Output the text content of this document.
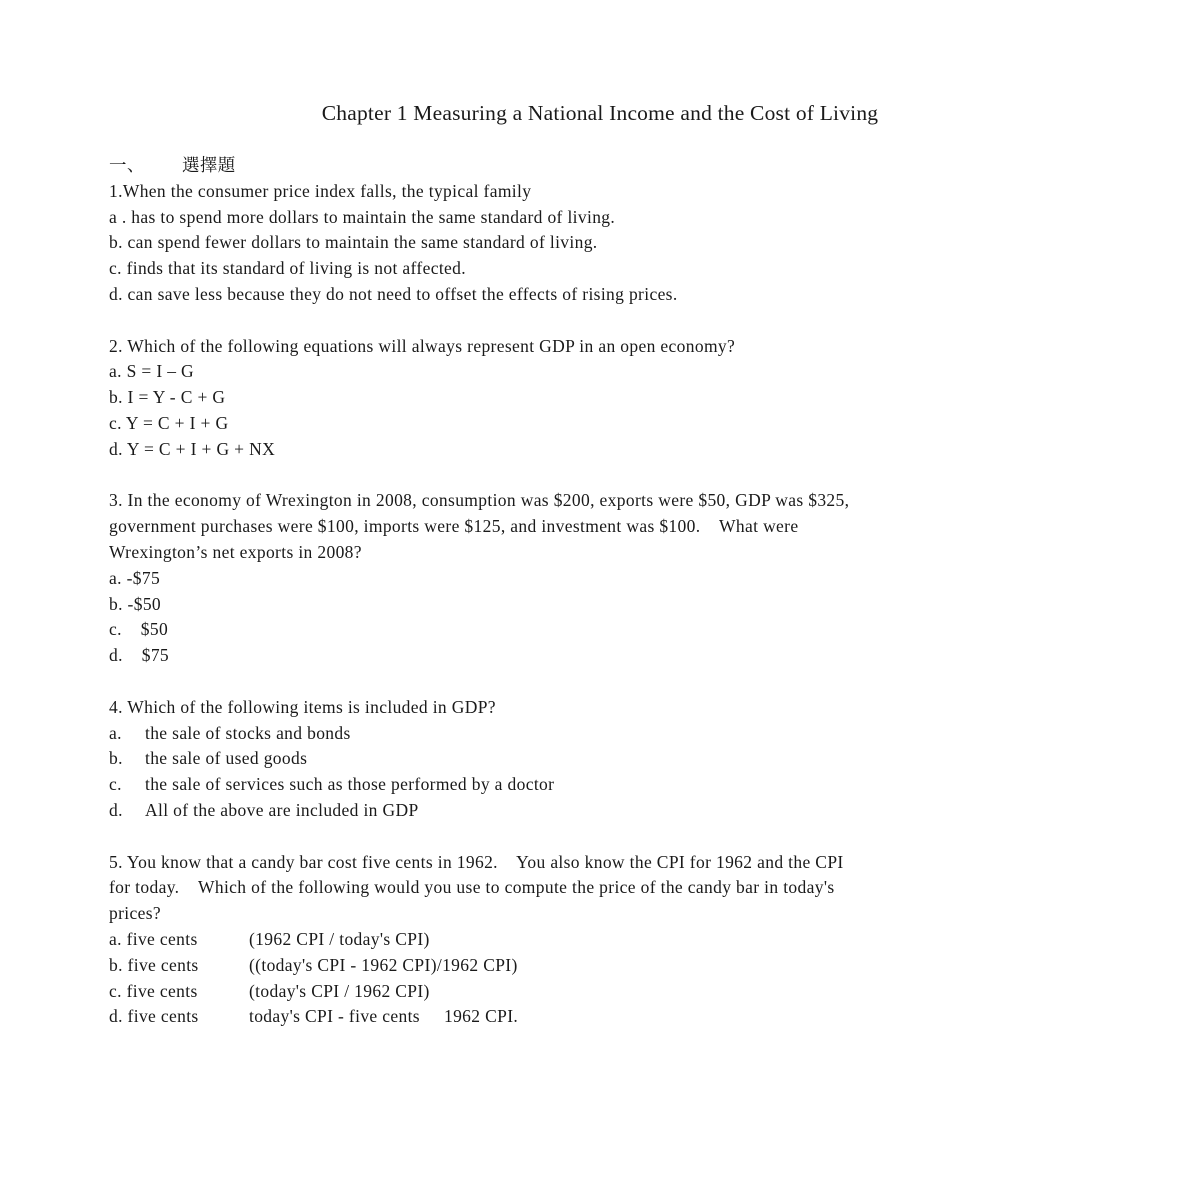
Chapter 1 Measuring a National Income and the Cost of Living
一、 選擇題
1.When the consumer price index falls, the typical family
a . has to spend more dollars to maintain the same standard of living.
b. can spend fewer dollars to maintain the same standard of living.
c. finds that its standard of living is not affected.
d. can save less because they do not need to offset the effects of rising prices.
2. Which of the following equations will always represent GDP in an open economy?
a. S = I – G
b. I = Y - C + G
c. Y = C + I + G
d. Y = C + I + G + NX
3. In the economy of Wrexington in 2008, consumption was $200, exports were $50, GDP was $325,
government purchases were $100, imports were $125, and investment was $100.    What were
Wrexington’s net exports in 2008?
a. -$75
b. -$50
c.    $50
d.    $75
4. Which of the following items is included in GDP?
a. the sale of stocks and bonds
b. the sale of used goods
c. the sale of services such as those performed by a doctor
d. All of the above are included in GDP
5. You know that a candy bar cost five cents in 1962.    You also know the CPI for 1962 and the CPI
for today.    Which of the following would you use to compute the price of the candy bar in today's
prices?
a. five cents	(1962 CPI / today's CPI)
b. five cents	((today's CPI - 1962 CPI)/1962 CPI)
c. five cents	(today's CPI / 1962 CPI)
d. five cents	today's CPI - five cents 1962 CPI.
